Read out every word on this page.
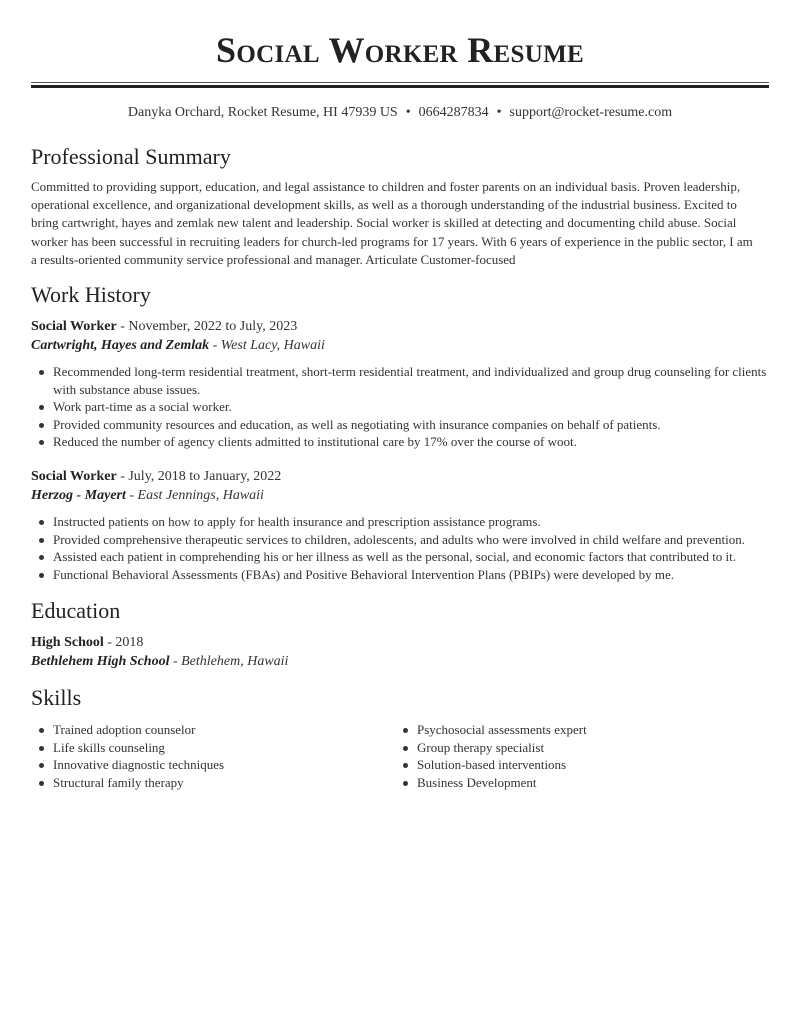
Social Worker Resume
Danyka Orchard, Rocket Resume, HI 47939 US • 0664287834 • support@rocket-resume.com
Professional Summary

Committed to providing support, education, and legal assistance to children and foster parents on an individual basis. Proven leadership, operational excellence, and organizational development skills, as well as a thorough understanding of the industrial business. Excited to bring cartwright, hayes and zemlak new talent and leadership. Social worker is skilled at detecting and documenting child abuse. Social worker has been successful in recruiting leaders for church-led programs for 17 years. With 6 years of experience in the public sector, I am a results-oriented community service professional and manager. Articulate Customer-focused

Work History
Social Worker - November, 2022 to July, 2023
Cartwright, Hayes and Zemlak - West Lacy, Hawaii
Recommended long-term residential treatment, short-term residential treatment, and individualized and group drug counseling for clients with substance abuse issues.
Work part-time as a social worker.
Provided community resources and education, as well as negotiating with insurance companies on behalf of patients.
Reduced the number of agency clients admitted to institutional care by 17% over the course of woot.
Social Worker - July, 2018 to January, 2022
Herzog - Mayert - East Jennings, Hawaii
Instructed patients on how to apply for health insurance and prescription assistance programs.
Provided comprehensive therapeutic services to children, adolescents, and adults who were involved in child welfare and prevention.
Assisted each patient in comprehending his or her illness as well as the personal, social, and economic factors that contributed to it.
Functional Behavioral Assessments (FBAs) and Positive Behavioral Intervention Plans (PBIPs) were developed by me.
Education
High School - 2018
Bethlehem High School - Bethlehem, Hawaii
Skills
Trained adoption counselor
Life skills counseling
Innovative diagnostic techniques
Structural family therapy
Psychosocial assessments expert
Group therapy specialist
Solution-based interventions
Business Development
